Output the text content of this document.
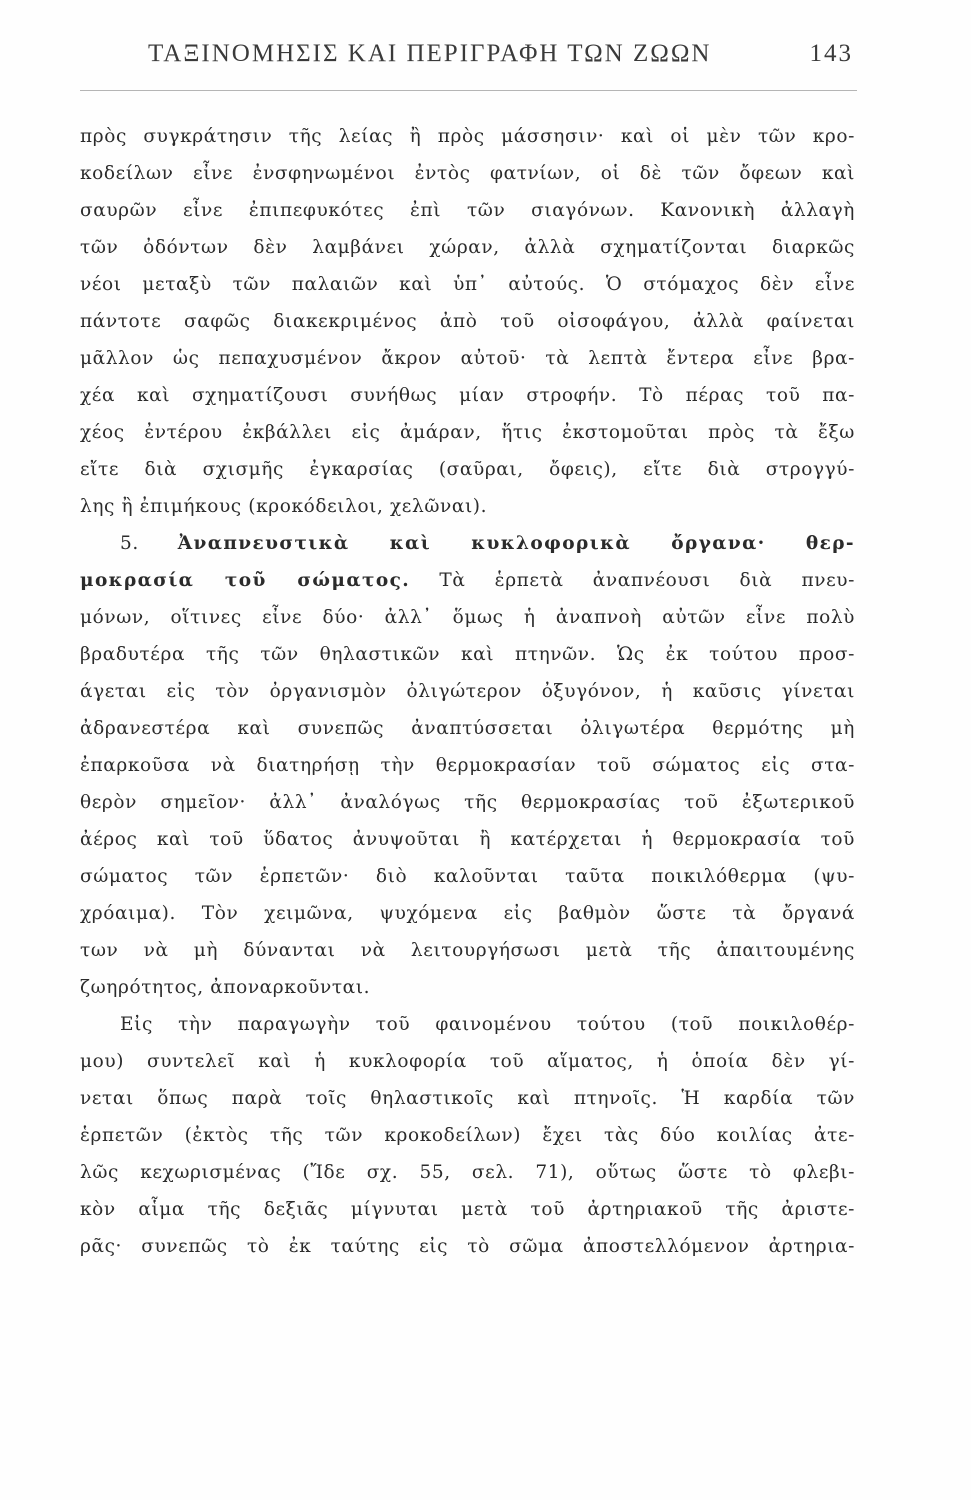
ΤΑΞΙΝΟΜΗΣΙΣ ΚΑΙ ΠΕΡΙΓΡΑΦΗ ΤΩΝ ΖΩΩΝ	143
πρὸς συγκράτησιν τῆς λείας ἢ πρὸς μάσσησιν· καὶ οἱ μὲν τῶν κρο-
κοδείλων εἶνε ἐνσφηνωμένοι ἐντὸς φατνίων, οἱ δὲ τῶν ὄφεων καὶ
σαυρῶν εἶνε ἐπιπεφυκότες ἐπὶ τῶν σιαγόνων. Κανονικὴ ἀλλαγὴ
τῶν ὀδόντων δὲν λαμβάνει χώραν, ἀλλὰ σχηματίζονται διαρκῶς
νέοι μεταξὺ τῶν παλαιῶν καὶ ὑπ᾽ αὐτούς. Ὁ στόμαχος δὲν εἶνε
πάντοτε σαφῶς διακεκριμένος ἀπὸ τοῦ οἰσοφάγου, ἀλλὰ φαίνεται
μᾶλλον ὡς πεπαχυσμένον ἄκρον αὐτοῦ· τὰ λεπτὰ ἔντερα εἶνε βρα-
χέα καὶ σχηματίζουσι συνήθως μίαν στροφήν. Τὸ πέρας τοῦ πα-
χέος ἐντέρου ἐκβάλλει εἰς ἀμάραν, ἥτις ἐκστομοῦται πρὸς τὰ ἔξω
εἴτε διὰ σχισμῆς ἐγκαρσίας (σαῦραι, ὄφεις), εἴτε διὰ στρογγύ-
λης ἢ ἐπιμήκους (κροκόδειλοι, χελῶναι).
5. Ἀναπνευστικὰ καὶ κυκλοφορικὰ ὄργανα· θερ-
μοκρασία τοῦ σώματος. Τὰ ἑρπετὰ ἀναπνέουσι διὰ πνευ-
μόνων, οἵτινες εἶνε δύο· ἀλλ᾽ ὅμως ἡ ἀναπνοὴ αὐτῶν εἶνε πολὺ
βραδυτέρα τῆς τῶν θηλαστικῶν καὶ πτηνῶν. Ὡς ἐκ τούτου προσ-
άγεται εἰς τὸν ὀργανισμὸν ὀλιγώτερον ὀξυγόνον, ἡ καῦσις γίνεται
ἀδρανεστέρα καὶ συνεπῶς ἀναπτύσσεται ὀλιγωτέρα θερμότης μὴ
ἐπαρκοῦσα νὰ διατηρήσῃ τὴν θερμοκρασίαν τοῦ σώματος εἰς στα-
θερὸν σημεῖον· ἀλλ᾽ ἀναλόγως τῆς θερμοκρασίας τοῦ ἐξωτερικοῦ
ἀέρος καὶ τοῦ ὕδατος ἀνυψοῦται ἢ κατέρχεται ἡ θερμοκρασία τοῦ
σώματος τῶν ἑρπετῶν· διὸ καλοῦνται ταῦτα ποικιλόθερμα (ψυ-
χρόαιμα). Τὸν χειμῶνα, ψυχόμενα εἰς βαθμὸν ὥστε τὰ ὄργανά
των νὰ μὴ δύνανται νὰ λειτουργήσωσι μετὰ τῆς ἀπαιτουμένης
ζωηρότητος, ἀποναρκοῦνται.
Εἰς τὴν παραγωγὴν τοῦ φαινομένου τούτου (τοῦ ποικιλοθέρ-
μου) συντελεῖ καὶ ἡ κυκλοφορία τοῦ αἵματος, ἡ ὁποία δὲν γί-
νεται ὅπως παρὰ τοῖς θηλαστικοῖς καὶ πτηνοῖς. Ἡ καρδία τῶν
ἑρπετῶν (ἐκτὸς τῆς τῶν κροκοδείλων) ἔχει τὰς δύο κοιλίας ἀτε-
λῶς κεχωρισμένας (Ἴδε σχ. 55, σελ. 71), οὕτως ὥστε τὸ φλεβι-
κὸν αἷμα τῆς δεξιᾶς μίγνυται μετὰ τοῦ ἀρτηριακοῦ τῆς ἀριστε-
ρᾶς· συνεπῶς τὸ ἐκ ταύτης εἰς τὸ σῶμα ἀποστελλόμενον ἀρτηρια-
